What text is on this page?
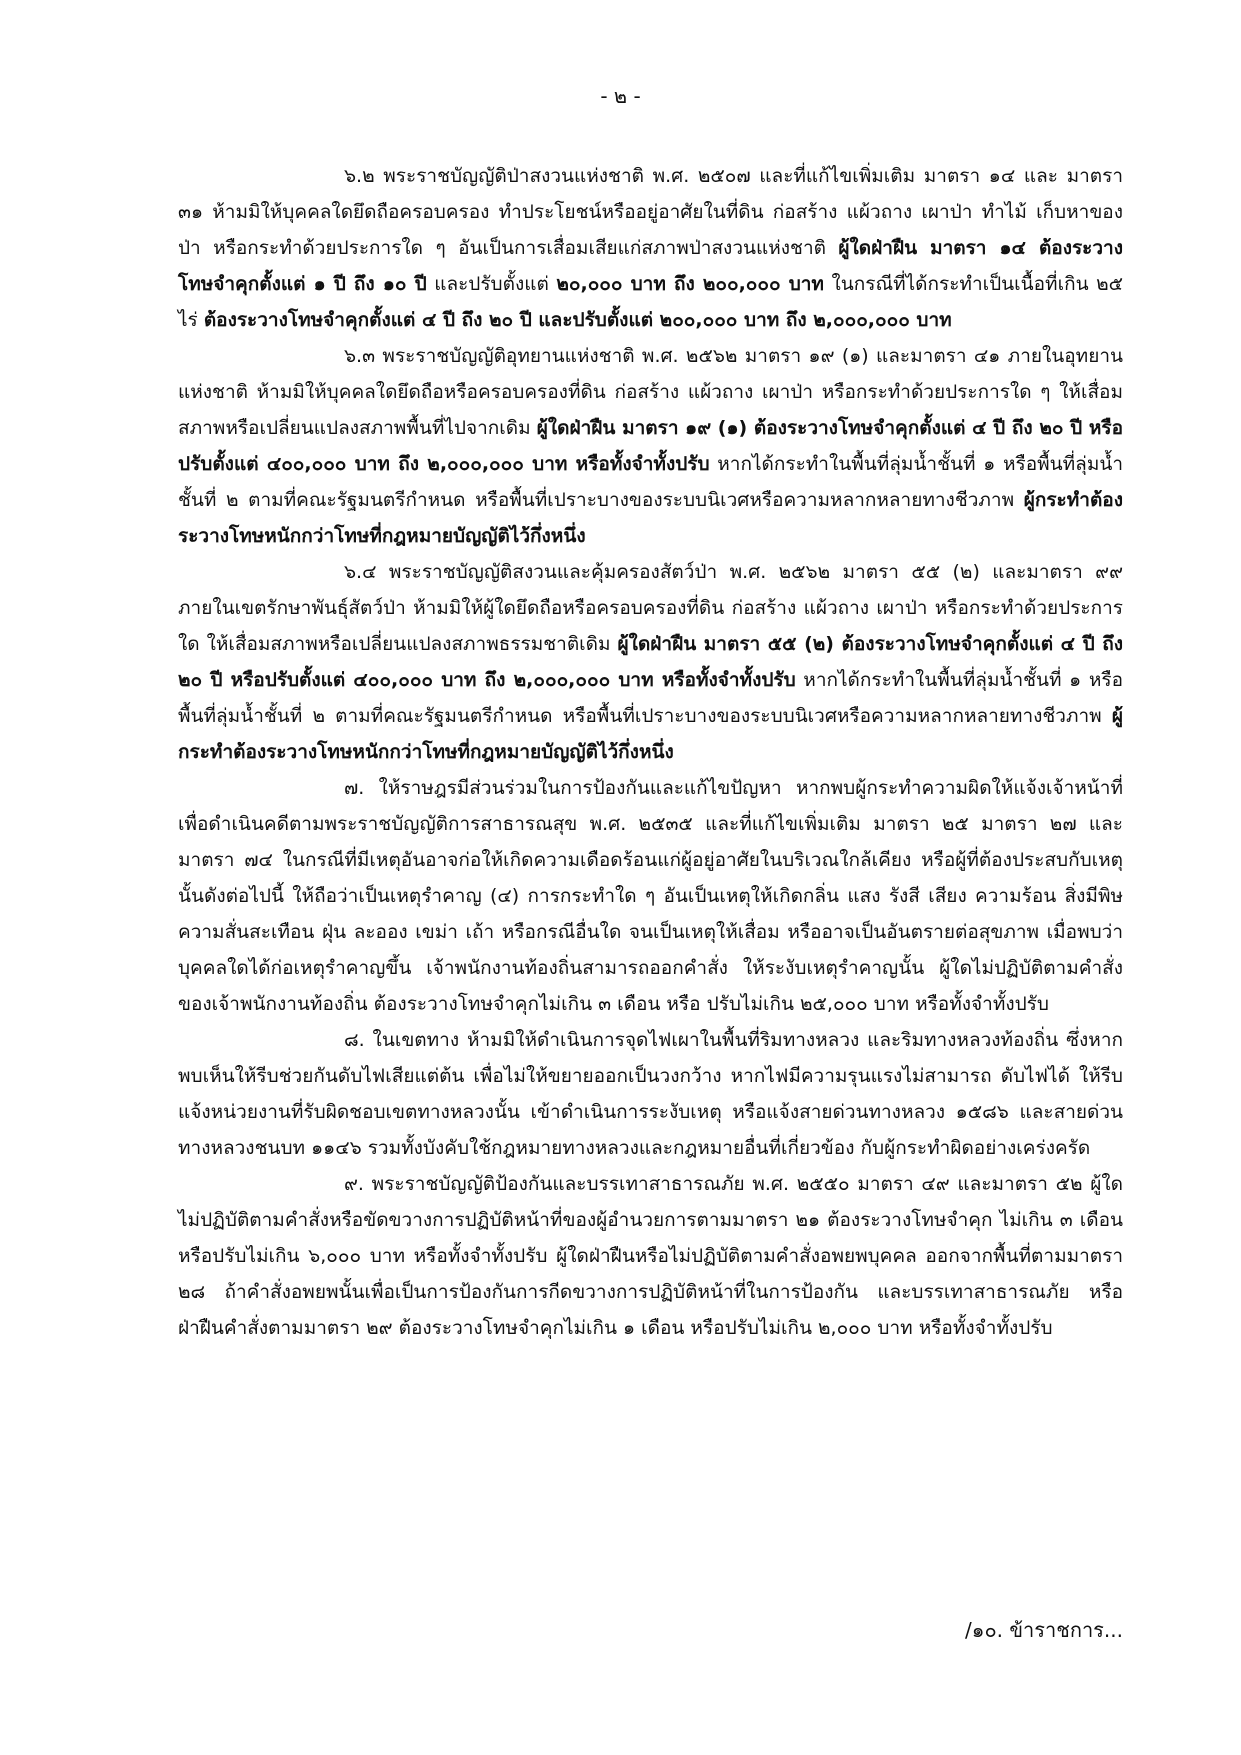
- ๒ -

๖.๒ พระราชบัญญัติป่าสงวนแห่งชาติ พ.ศ. ๒๕๐๗ และที่แก้ไขเพิ่มเติม มาตรา ๑๔ และ มาตรา ๓๑ ห้ามมิให้บุคคลใดยึดถือครอบครอง ทำประโยชน์หรืออยู่อาศัยในที่ดิน ก่อสร้าง แผ้วถาง เผาป่า ทำไม้ เก็บหาของป่า หรือกระทำด้วยประการใด ๆ อันเป็นการเสื่อมเสียแก่สภาพป่าสงวนแห่งชาติ ผู้ใดฝ่าฝืน มาตรา ๑๔ ต้องระวางโทษจำคุกตั้งแต่ ๑ ปี ถึง ๑๐ ปี และปรับตั้งแต่ ๒๐,๐๐๐ บาท ถึง ๒๐๐,๐๐๐ บาท ในกรณีที่ได้กระทำเป็นเนื้อที่เกิน ๒๕ ไร่ ต้องระวางโทษจำคุกตั้งแต่ ๔ ปี ถึง ๒๐ ปี และปรับตั้งแต่ ๒๐๐,๐๐๐ บาท ถึง ๒,๐๐๐,๐๐๐ บาท

๖.๓ พระราชบัญญัติอุทยานแห่งชาติ พ.ศ. ๒๕๖๒ มาตรา ๑๙ (๑) และมาตรา ๔๑ ภายในอุทยานแห่งชาติ ห้ามมิให้บุคคลใดยึดถือหรือครอบครองที่ดิน ก่อสร้าง แผ้วถาง เผาป่า หรือกระทำด้วยประการใด ๆ ให้เสื่อมสภาพหรือเปลี่ยนแปลงสภาพพื้นที่ไปจากเดิม ผู้ใดฝ่าฝืน มาตรา ๑๙ (๑) ต้องระวางโทษจำคุกตั้งแต่ ๔ ปี ถึง ๒๐ ปี หรือปรับตั้งแต่ ๔๐๐,๐๐๐ บาท ถึง ๒,๐๐๐,๐๐๐ บาท หรือทั้งจำทั้งปรับ หากได้กระทำในพื้นที่ลุ่มน้ำชั้นที่ ๑ หรือพื้นที่ลุ่มน้ำชั้นที่ ๒ ตามที่คณะรัฐมนตรีกำหนด หรือพื้นที่เปราะบางของระบบนิเวศหรือความหลากหลายทางชีวภาพ ผู้กระทำต้องระวางโทษหนักกว่าโทษที่กฎหมายบัญญัติไว้กึ่งหนึ่ง

๖.๔ พระราชบัญญัติสงวนและคุ้มครองสัตว์ป่า พ.ศ. ๒๕๖๒ มาตรา ๕๕ (๒) และมาตรา ๙๙ ภายในเขตรักษาพันธุ์สัตว์ป่า ห้ามมิให้ผู้ใดยึดถือหรือครอบครองที่ดิน ก่อสร้าง แผ้วถาง เผาป่า หรือกระทำด้วยประการใด ให้เสื่อมสภาพหรือเปลี่ยนแปลงสภาพธรรมชาติเดิม ผู้ใดฝ่าฝืน มาตรา ๕๕ (๒) ต้องระวางโทษจำคุกตั้งแต่ ๔ ปี ถึง ๒๐ ปี หรือปรับตั้งแต่ ๔๐๐,๐๐๐ บาท ถึง ๒,๐๐๐,๐๐๐ บาท หรือทั้งจำทั้งปรับ หากได้กระทำในพื้นที่ลุ่มน้ำชั้นที่ ๑ หรือพื้นที่ลุ่มน้ำชั้นที่ ๒ ตามที่คณะรัฐมนตรีกำหนด หรือพื้นที่เปราะบางของระบบนิเวศหรือความหลากหลายทางชีวภาพ ผู้กระทำต้องระวางโทษหนักกว่าโทษที่กฎหมายบัญญัติไว้กึ่งหนึ่ง

๗. ให้ราษฎรมีส่วนร่วมในการป้องกันและแก้ไขปัญหา หากพบผู้กระทำความผิดให้แจ้งเจ้าหน้าที่ เพื่อดำเนินคดีตามพระราชบัญญัติการสาธารณสุข พ.ศ. ๒๕๓๕ และที่แก้ไขเพิ่มเติม มาตรา ๒๕ มาตรา ๒๗ และมาตรา ๗๔ ในกรณีที่มีเหตุอันอาจก่อให้เกิดความเดือดร้อนแก่ผู้อยู่อาศัยในบริเวณใกล้เคียง หรือผู้ที่ต้องประสบกับเหตุนั้นดังต่อไปนี้ ให้ถือว่าเป็นเหตุรำคาญ (๔) การกระทำใด ๆ อันเป็นเหตุให้เกิดกลิ่น แสง รังสี เสียง ความร้อน สิ่งมีพิษ ความสั่นสะเทือน ฝุ่น ละออง เขม่า เถ้า หรือกรณีอื่นใด จนเป็นเหตุให้เสื่อม หรืออาจเป็นอันตรายต่อสุขภาพ เมื่อพบว่าบุคคลใดได้ก่อเหตุรำคาญขึ้น เจ้าพนักงานท้องถิ่นสามารถออกคำสั่ง ให้ระงับเหตุรำคาญนั้น ผู้ใดไม่ปฏิบัติตามคำสั่งของเจ้าพนักงานท้องถิ่น ต้องระวางโทษจำคุกไม่เกิน ๓ เดือน หรือ ปรับไม่เกิน ๒๕,๐๐๐ บาท หรือทั้งจำทั้งปรับ

๘. ในเขตทาง ห้ามมิให้ดำเนินการจุดไฟเผาในพื้นที่ริมทางหลวง และริมทางหลวงท้องถิ่น ซึ่งหากพบเห็นให้รีบช่วยกันดับไฟเสียแต่ต้น เพื่อไม่ให้ขยายออกเป็นวงกว้าง หากไฟมีความรุนแรงไม่สามารถ ดับไฟได้ ให้รีบแจ้งหน่วยงานที่รับผิดชอบเขตทางหลวงนั้น เข้าดำเนินการระงับเหตุ หรือแจ้งสายด่วนทางหลวง ๑๕๘๖ และสายด่วนทางหลวงชนบท ๑๑๔๖ รวมทั้งบังคับใช้กฎหมายทางหลวงและกฎหมายอื่นที่เกี่ยวข้อง กับผู้กระทำผิดอย่างเคร่งครัด

๙. พระราชบัญญัติป้องกันและบรรเทาสาธารณภัย พ.ศ. ๒๕๕๐ มาตรา ๔๙ และมาตรา ๕๒ ผู้ใดไม่ปฏิบัติตามคำสั่งหรือขัดขวางการปฏิบัติหน้าที่ของผู้อำนวยการตามมาตรา ๒๑ ต้องระวางโทษจำคุก ไม่เกิน ๓ เดือนหรือปรับไม่เกิน ๖,๐๐๐ บาท หรือทั้งจำทั้งปรับ ผู้ใดฝ่าฝืนหรือไม่ปฏิบัติตามคำสั่งอพยพบุคคล ออกจากพื้นที่ตามมาตรา ๒๘ ถ้าคำสั่งอพยพนั้นเพื่อเป็นการป้องกันการกีดขวางการปฏิบัติหน้าที่ในการป้องกัน และบรรเทาสาธารณภัย หรือฝ่าฝืนคำสั่งตามมาตรา ๒๙ ต้องระวางโทษจำคุกไม่เกิน ๑ เดือน หรือปรับไม่เกิน ๒,๐๐๐ บาท หรือทั้งจำทั้งปรับ

/๑๐. ข้าราชการ...
